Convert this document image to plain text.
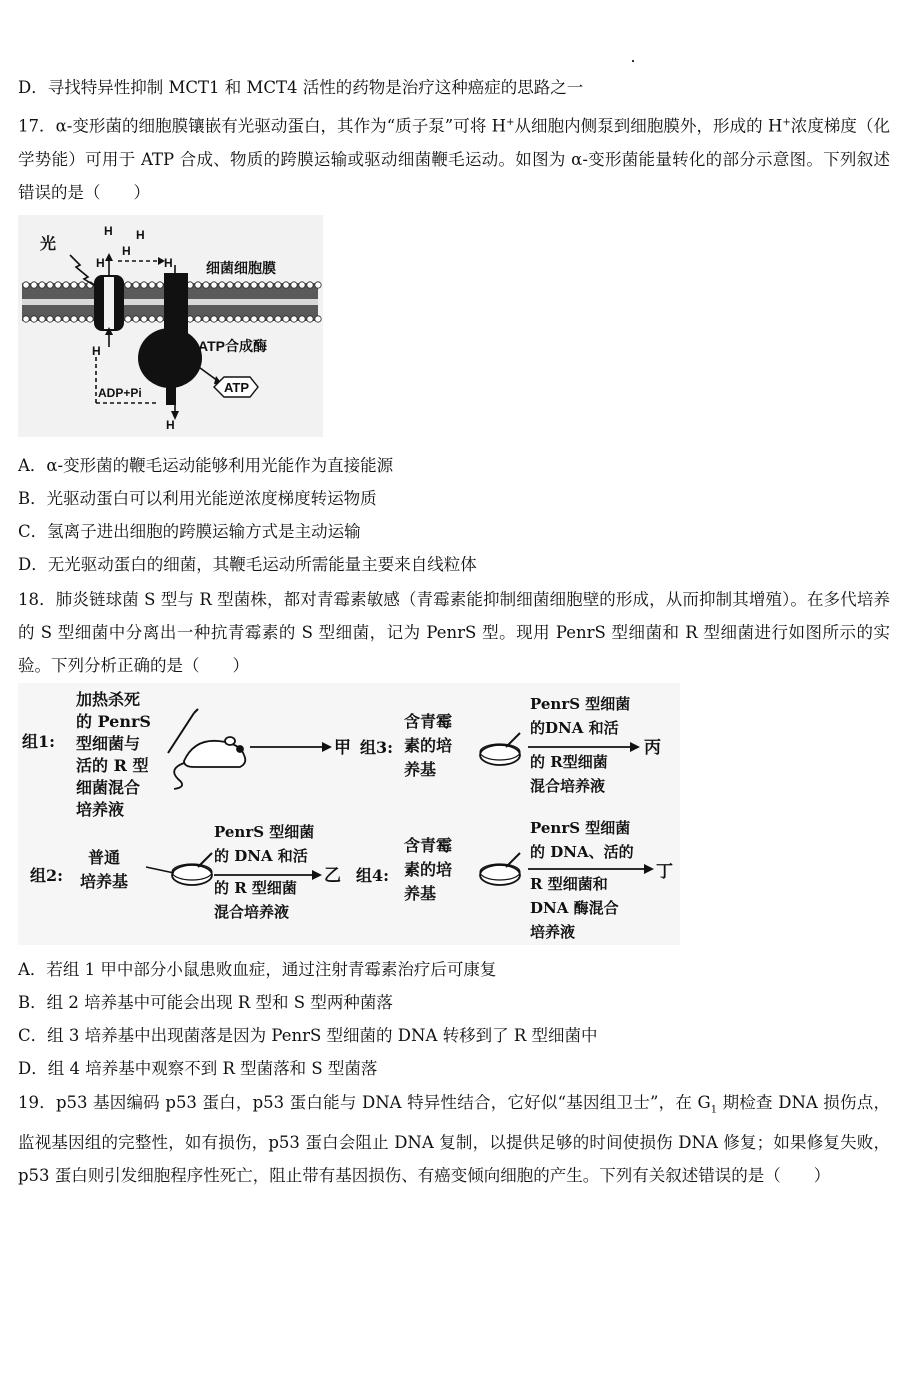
D．寻找特异性抑制 MCT1 和 MCT4 活性的药物是治疗这种癌症的思路之一
17．α-变形菌的细胞膜镶嵌有光驱动蛋白，其作为“质子泵”可将 H+从细胞内侧泵到细胞膜外，形成的 H+浓度梯度（化学势能）可用于 ATP 合成、物质的跨膜运输或驱动细菌鞭毛运动。如图为 α-变形菌能量转化的部分示意图。下列叙述错误的是（　　）
光
H H
H
H	H
H
H
细菌细胞膜
ATP合成酶
ADP+Pi	ATP
A．α-变形菌的鞭毛运动能够利用光能作为直接能源
B．光驱动蛋白可以利用光能逆浓度梯度转运物质
C．氢离子进出细胞的跨膜运输方式是主动运输
D．无光驱动蛋白的细菌，其鞭毛运动所需能量主要来自线粒体
18．肺炎链球菌 S 型与 R 型菌株，都对青霉素敏感（青霉素能抑制细菌细胞壁的形成，从而抑制其增殖）。在多代培养的 S 型细菌中分离出一种抗青霉素的 S 型细菌，记为 PenrS 型。现用 PenrS 型细菌和 R 型细菌进行如图所示的实验。下列分析正确的是（　　）
组1:
加热杀死
的 PenrS
型细菌与
活的 R 型
细菌混合
培养液
甲 组3:
含青霉
素的培
养基
PenrS 型细菌
的DNA 和活
的 R型细菌
混合培养液
丙
组2:
普通
培养基
PenrS 型细菌
的 DNA 和活
的 R 型细菌
混合培养液
乙 组4:
含青霉
素的培
养基
PenrS 型细菌
的 DNA、活的
R 型细菌和
DNA 酶混合
培养液
丁
A．若组 1 甲中部分小鼠患败血症，通过注射青霉素治疗后可康复
B．组 2 培养基中可能会出现 R 型和 S 型两种菌落
C．组 3 培养基中出现菌落是因为 PenrS 型细菌的 DNA 转移到了 R 型细菌中
D．组 4 培养基中观察不到 R 型菌落和 S 型菌落
19．p53 基因编码 p53 蛋白，p53 蛋白能与 DNA 特异性结合，它好似“基因组卫士”，在 $G_1$ 期检查 DNA 损伤点，监视基因组的完整性，如有损伤，p53 蛋白会阻止 DNA 复制，以提供足够的时间使损伤 DNA 修复；如果修复失败，p53 蛋白则引发细胞程序性死亡，阻止带有基因损伤、有癌变倾向细胞的产生。下列有关叙述错误的是（　　）
